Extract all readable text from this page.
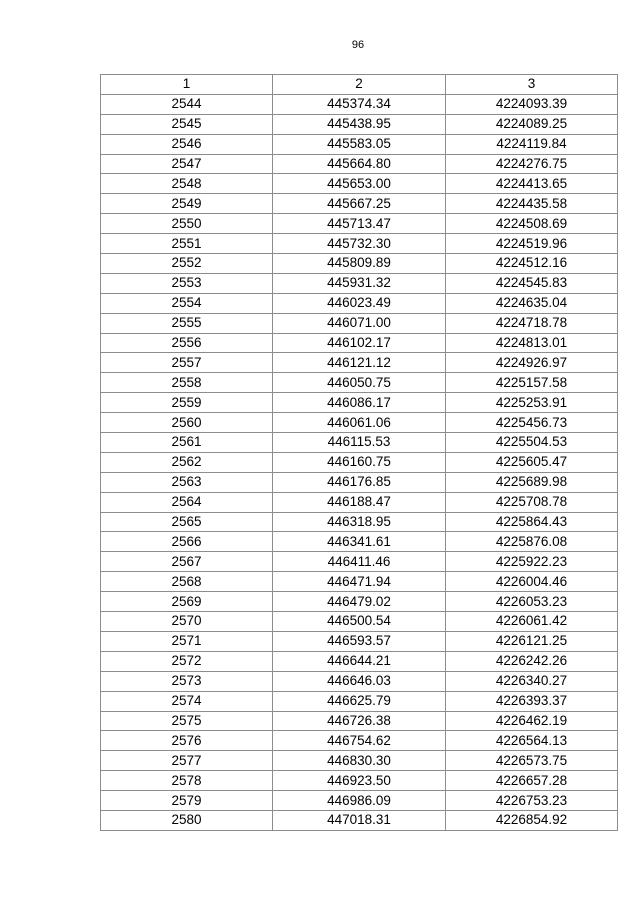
96
1	2	3
2544	445374.34	4224093.39
2545	445438.95	4224089.25
2546	445583.05	4224119.84
2547	445664.80	4224276.75
2548	445653.00	4224413.65
2549	445667.25	4224435.58
2550	445713.47	4224508.69
2551	445732.30	4224519.96
2552	445809.89	4224512.16
2553	445931.32	4224545.83
2554	446023.49	4224635.04
2555	446071.00	4224718.78
2556	446102.17	4224813.01
2557	446121.12	4224926.97
2558	446050.75	4225157.58
2559	446086.17	4225253.91
2560	446061.06	4225456.73
2561	446115.53	4225504.53
2562	446160.75	4225605.47
2563	446176.85	4225689.98
2564	446188.47	4225708.78
2565	446318.95	4225864.43
2566	446341.61	4225876.08
2567	446411.46	4225922.23
2568	446471.94	4226004.46
2569	446479.02	4226053.23
2570	446500.54	4226061.42
2571	446593.57	4226121.25
2572	446644.21	4226242.26
2573	446646.03	4226340.27
2574	446625.79	4226393.37
2575	446726.38	4226462.19
2576	446754.62	4226564.13
2577	446830.30	4226573.75
2578	446923.50	4226657.28
2579	446986.09	4226753.23
2580	447018.31	4226854.92
